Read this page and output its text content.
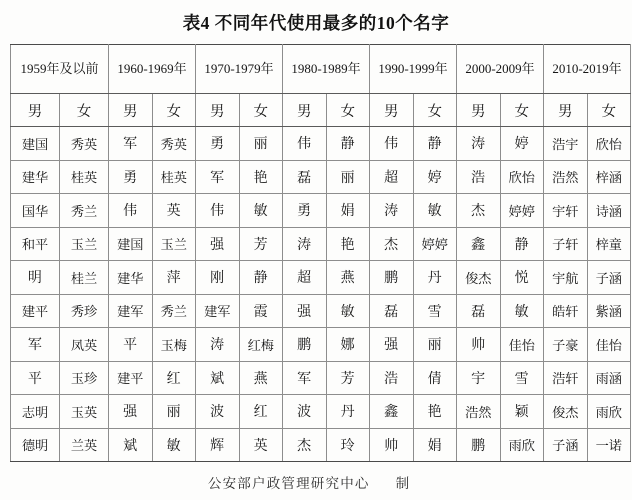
表4 不同年代使用最多的10个名字
1959年及以前		1960-1969年		1970-1979年		1980-1989年		1990-1999年		2000-2009年		2010-2019年	
男	女	男	女	男	女	男	女	男	女	男	女	男	女
建国	秀英	军	秀英	勇	丽	伟	静	伟	静	涛	婷	浩宇	欣怡
建华	桂英	勇	桂英	军	艳	磊	丽	超	婷	浩	欣怡	浩然	梓涵
国华	秀兰	伟	英	伟	敏	勇	娟	涛	敏	杰	婷婷	宇轩	诗涵
和平	玉兰	建国	玉兰	强	芳	涛	艳	杰	婷婷	鑫	静	子轩	梓童
明	桂兰	建华	萍	刚	静	超	燕	鹏	丹	俊杰	悦	宇航	子涵
建平	秀珍	建军	秀兰	建军	霞	强	敏	磊	雪	磊	敏	皓轩	紫涵
军	凤英	平	玉梅	涛	红梅	鹏	娜	强	丽	帅	佳怡	子豪	佳怡
平	玉珍	建平	红	斌	燕	军	芳	浩	倩	宇	雪	浩轩	雨涵
志明	玉英	强	丽	波	红	波	丹	鑫	艳	浩然	颖	俊杰	雨欣
德明	兰英	斌	敏	辉	英	杰	玲	帅	娟	鹏	雨欣	子涵	一诺
公安部户政管理研究中心 制
